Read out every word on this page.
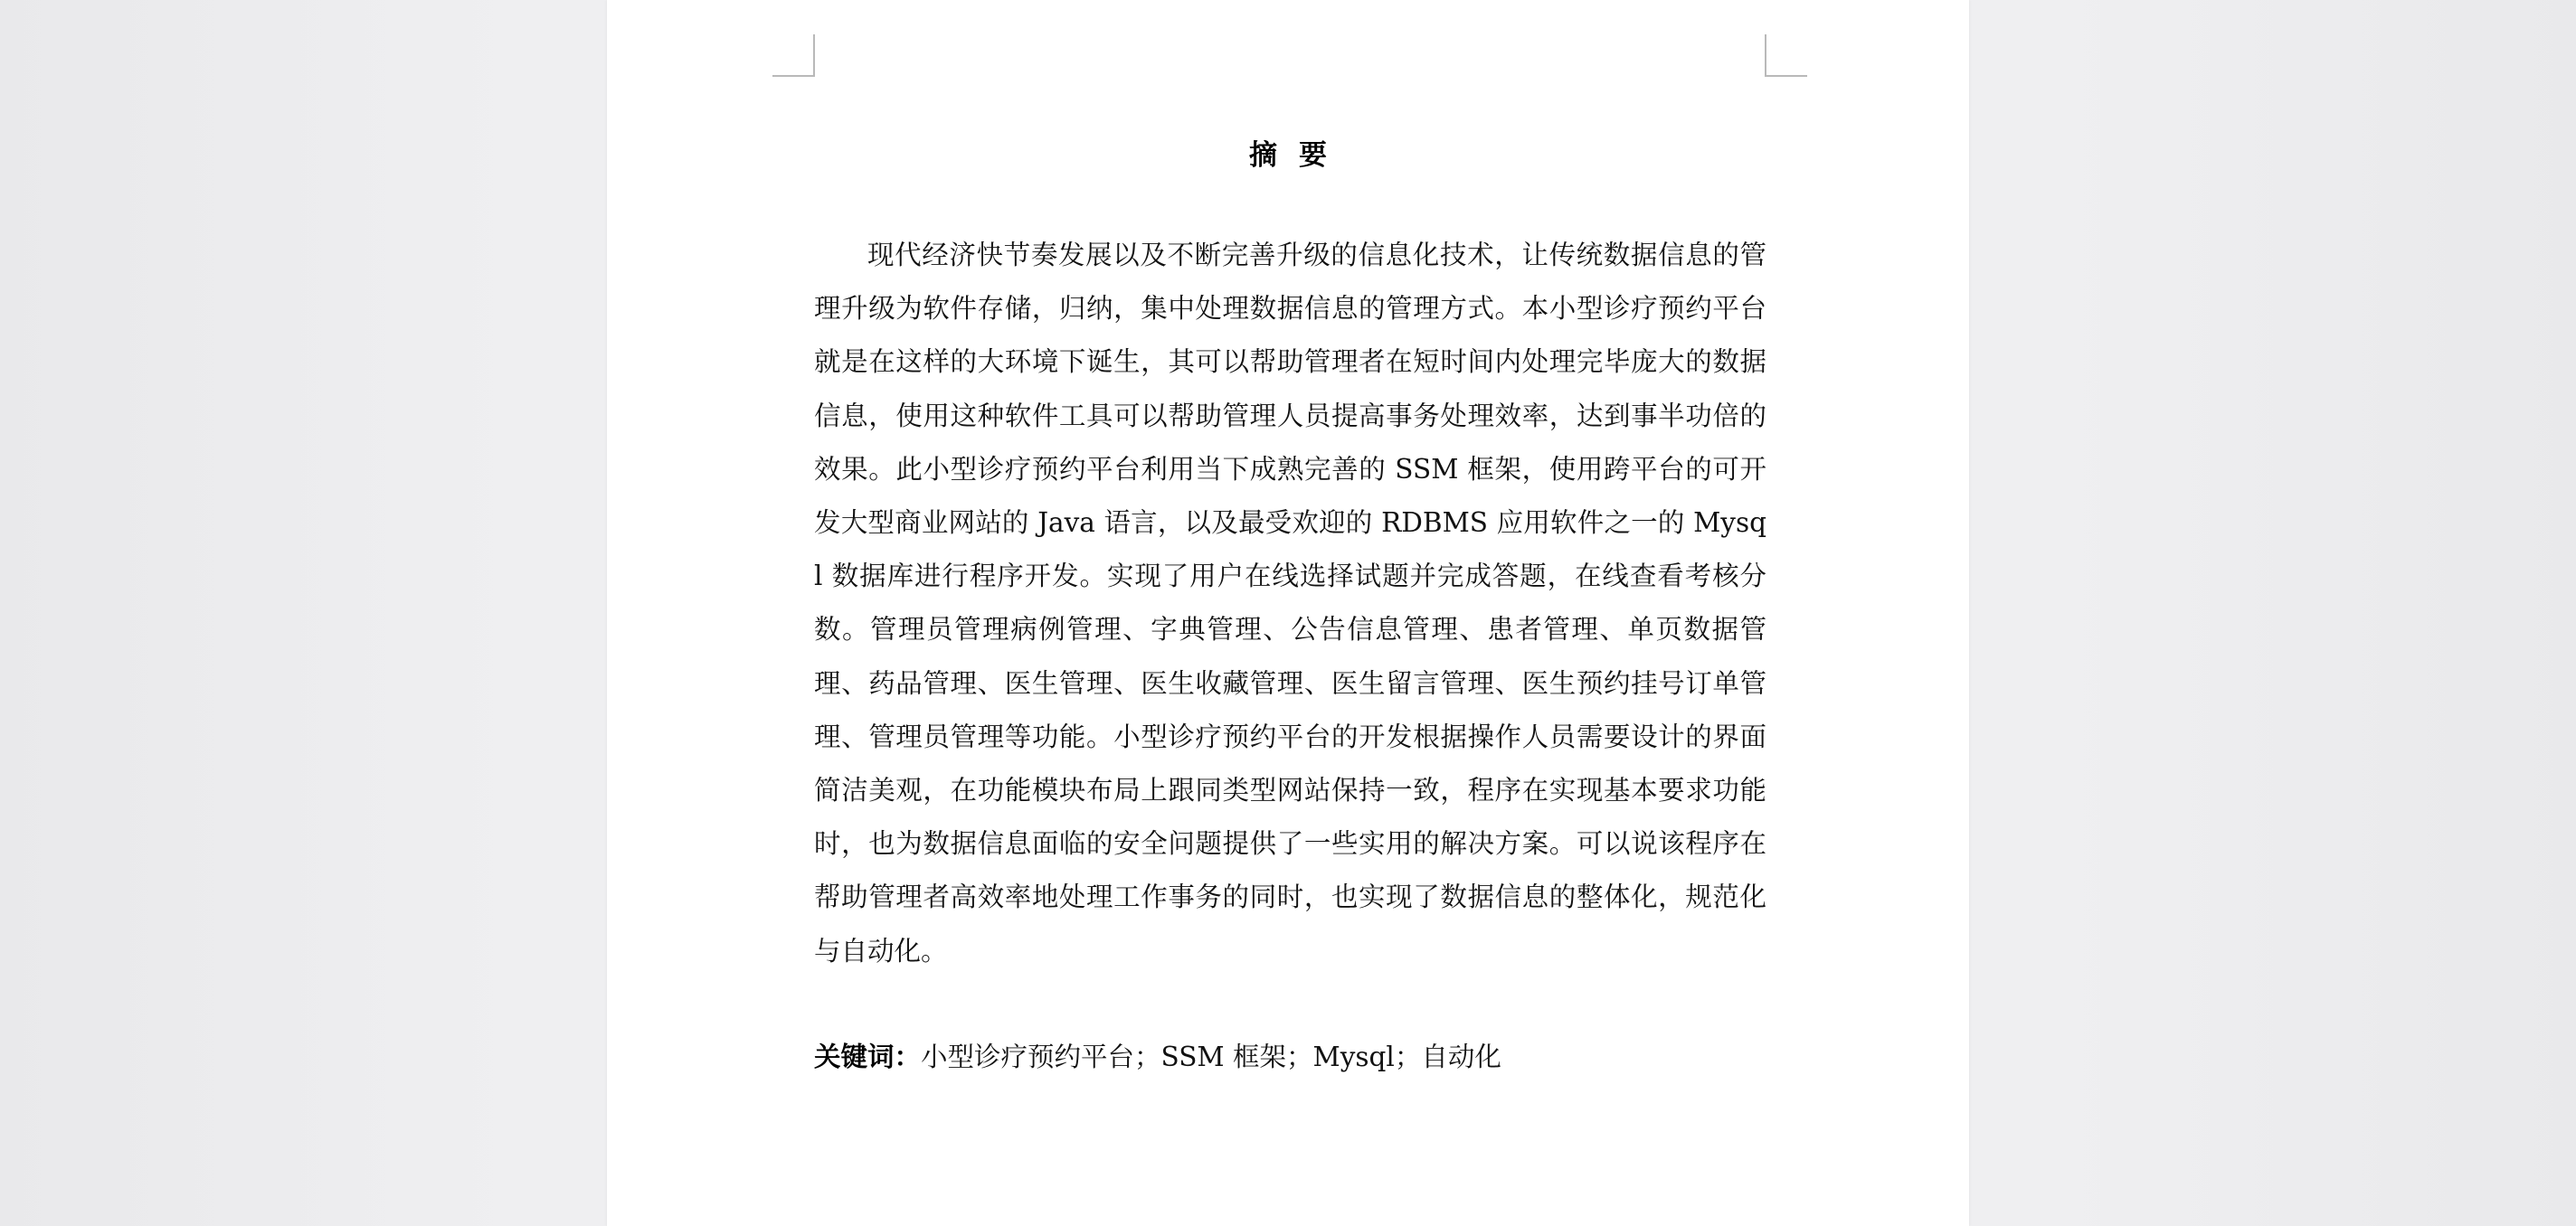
摘要

现代经济快节奏发展以及不断完善升级的信息化技术，让传统数据信息的管理升级为软件存储，归纳，集中处理数据信息的管理方式。本小型诊疗预约平台就是在这样的大环境下诞生，其可以帮助管理者在短时间内处理完毕庞大的数据信息，使用这种软件工具可以帮助管理人员提高事务处理效率，达到事半功倍的效果。此小型诊疗预约平台利用当下成熟完善的 SSM 框架，使用跨平台的可开发大型商业网站的 Java 语言，以及最受欢迎的 RDBMS 应用软件之一的 Mysql 数据库进行程序开发。实现了用户在线选择试题并完成答题，在线查看考核分数。管理员管理病例管理、字典管理、公告信息管理、患者管理、单页数据管理、药品管理、医生管理、医生收藏管理、医生留言管理、医生预约挂号订单管理、管理员管理等功能。小型诊疗预约平台的开发根据操作人员需要设计的界面简洁美观，在功能模块布局上跟同类型网站保持一致，程序在实现基本要求功能时，也为数据信息面临的安全问题提供了一些实用的解决方案。可以说该程序在帮助管理者高效率地处理工作事务的同时，也实现了数据信息的整体化，规范化与自动化。

关键词：小型诊疗预约平台；SSM 框架；Mysql；自动化
